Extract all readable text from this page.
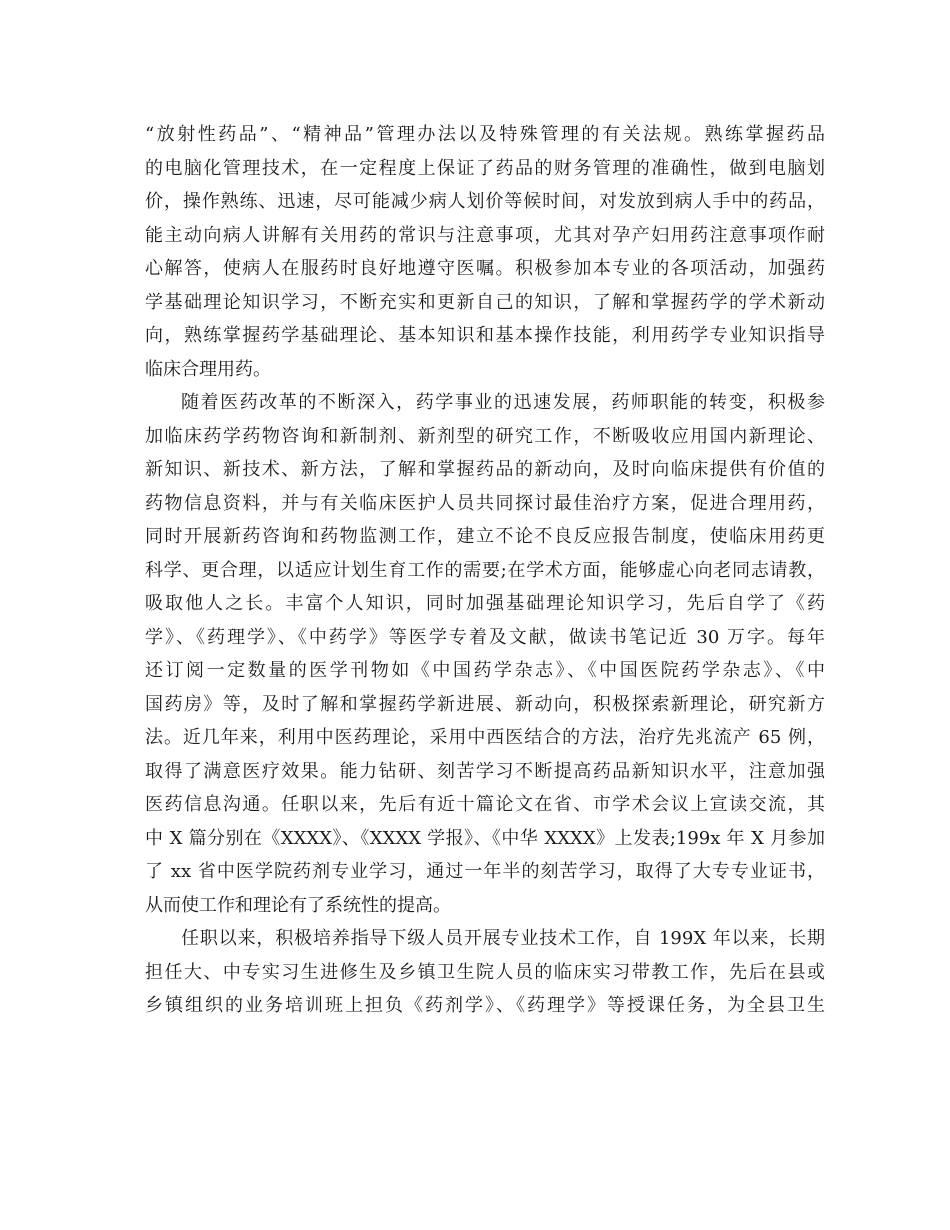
“放射性药品”、“精神品”管理办法以及特殊管理的有关法规。熟练掌握药品
的电脑化管理技术，在一定程度上保证了药品的财务管理的准确性，做到电脑划
价，操作熟练、迅速，尽可能减少病人划价等候时间，对发放到病人手中的药品，
能主动向病人讲解有关用药的常识与注意事项，尤其对孕产妇用药注意事项作耐
心解答，使病人在服药时良好地遵守医嘱。积极参加本专业的各项活动，加强药
学基础理论知识学习，不断充实和更新自己的知识，了解和掌握药学的学术新动
向，熟练掌握药学基础理论、基本知识和基本操作技能，利用药学专业知识指导
临床合理用药。
随着医药改革的不断深入，药学事业的迅速发展，药师职能的转变，积极参
加临床药学药物咨询和新制剂、新剂型的研究工作，不断吸收应用国内新理论、
新知识、新技术、新方法，了解和掌握药品的新动向，及时向临床提供有价值的
药物信息资料，并与有关临床医护人员共同探讨最佳治疗方案，促进合理用药，
同时开展新药咨询和药物监测工作，建立不论不良反应报告制度，使临床用药更
科学、更合理，以适应计划生育工作的需要;在学术方面，能够虚心向老同志请教，
吸取他人之长。丰富个人知识，同时加强基础理论知识学习，先后自学了《药
学》、《药理学》、《中药学》等医学专着及文献，做读书笔记近 30 万字。每年
还订阅一定数量的医学刊物如《中国药学杂志》、《中国医院药学杂志》、《中
国药房》等，及时了解和掌握药学新进展、新动向，积极探索新理论，研究新方
法。近几年来，利用中医药理论，采用中西医结合的方法，治疗先兆流产 65 例，
取得了满意医疗效果。能力钻研、刻苦学习不断提高药品新知识水平，注意加强
医药信息沟通。任职以来，先后有近十篇论文在省、市学术会议上宣读交流，其
中 X 篇分别在《XXXX》、《XXXX 学报》、《中华 XXXX》上发表;199x 年 X 月参加
了 xx 省中医学院药剂专业学习，通过一年半的刻苦学习，取得了大专专业证书，
从而使工作和理论有了系统性的提高。
任职以来，积极培养指导下级人员开展专业技术工作，自 199X 年以来，长期
担任大、中专实习生进修生及乡镇卫生院人员的临床实习带教工作，先后在县或
乡镇组织的业务培训班上担负《药剂学》、《药理学》等授课任务，为全县卫生
